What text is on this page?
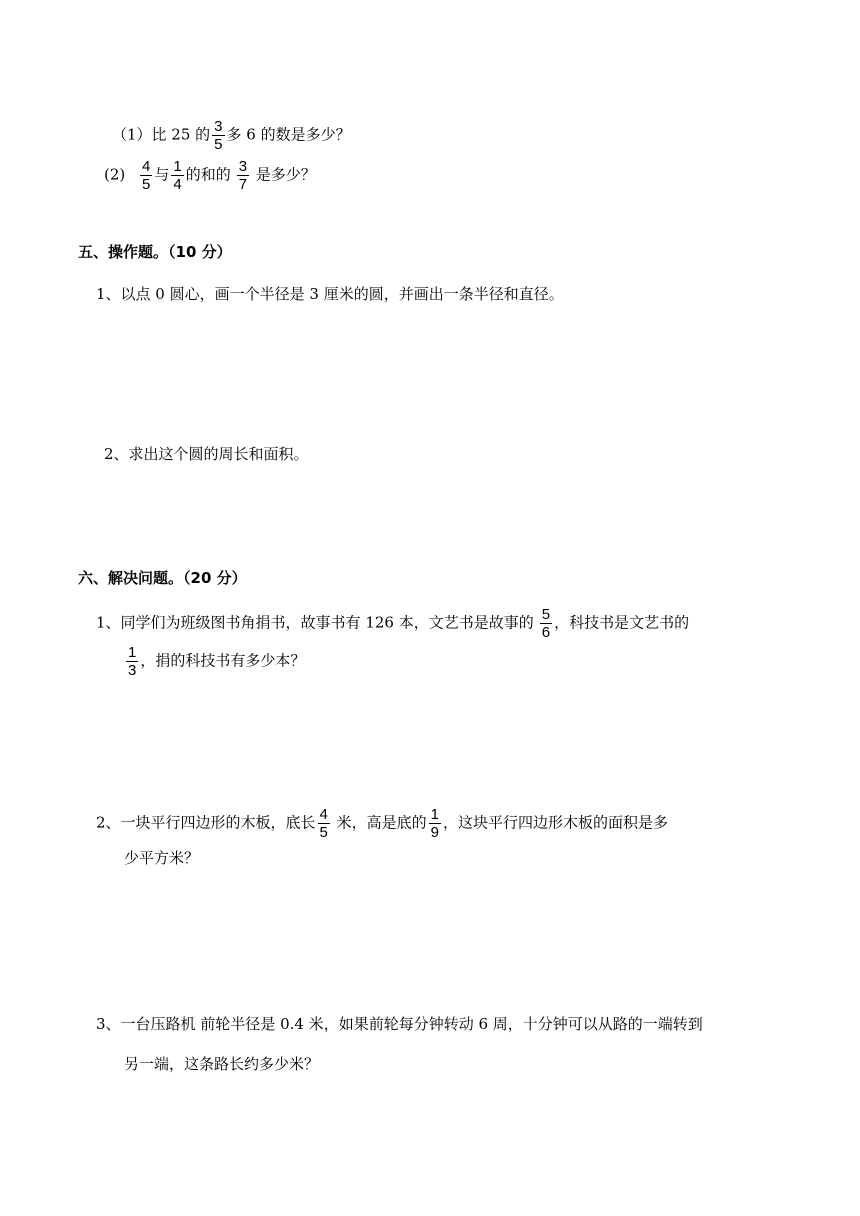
（1）比 25 的 $\frac{3}{5}$ 多 6 的数是多少？
$(2) \frac{4}{5}$ 与 $\frac{1}{4}$ 的和的 $\frac{3}{7}$ 是多少？
五、操作题。（10 分）
1、以点 0 圆心，画一个半径是 3 厘米的圆，并画出一条半径和直径。
2、求出这个圆的周长和面积。
六、解决问题。（20 分）
1、同学们为班级图书角捐书，故事书有 126 本，文艺书是故事的 $\frac{5}{6}$ ，科技书是文艺书的
$\frac{1}{3}$ ，捐的科技书有多少本？
2、一块平行四边形的木板，底长 $\frac{4}{5}$ 米，高是底的 $\frac{1}{9}$ ，这块平行四边形木板的面积是多
少平方米？
3、一台压路机 前轮半径是 0.4 米，如果前轮每分钟转动 6 周，十分钟可以从路的一端转到
另一端，这条路长约多少米？
